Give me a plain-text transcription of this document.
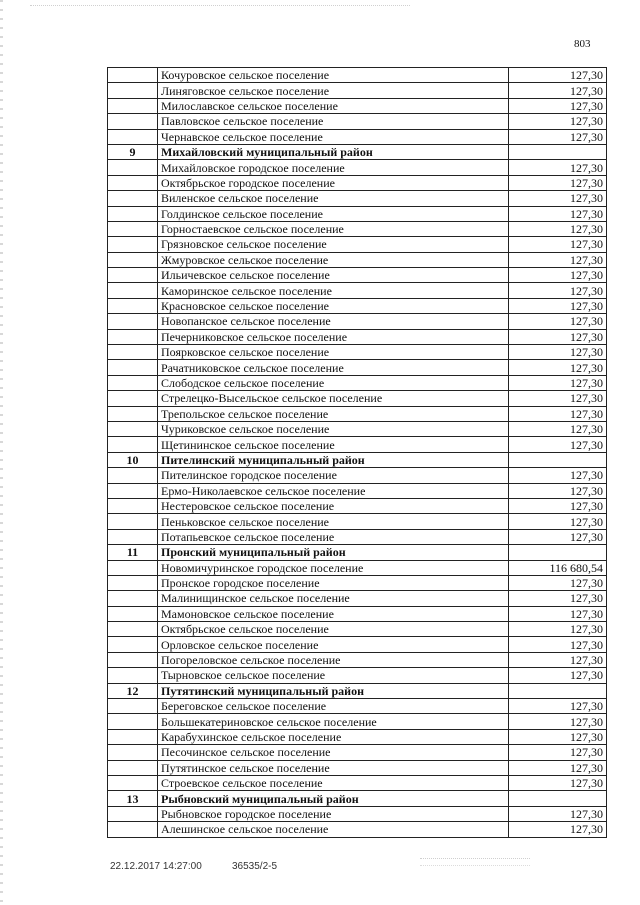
803
	Кочуровское сельское поселение	127,30
	Линяговское сельское поселение	127,30
	Милославское сельское поселение	127,30
	Павловское сельское поселение	127,30
	Чернавское сельское поселение	127,30
9	Михайловский муниципальный район	
	Михайловское городское поселение	127,30
	Октябрьское городское поселение	127,30
	Виленское сельское поселение	127,30
	Голдинское сельское поселение	127,30
	Горностаевское сельское поселение	127,30
	Грязновское сельское поселение	127,30
	Жмуровское сельское поселение	127,30
	Ильичевское сельское поселение	127,30
	Каморинское сельское поселение	127,30
	Красновское сельское поселение	127,30
	Новопанское сельское поселение	127,30
	Печерниковское сельское поселение	127,30
	Поярковское сельское поселение	127,30
	Рачатниковское сельское поселение	127,30
	Слободское сельское поселение	127,30
	Стрелецко-Высельское сельское поселение	127,30
	Трепольское сельское поселение	127,30
	Чуриковское сельское поселение	127,30
	Щетининское сельское поселение	127,30
10	Пителинский муниципальный район	
	Пителинское городское поселение	127,30
	Ермо-Николаевское сельское поселение	127,30
	Нестеровское сельское поселение	127,30
	Пеньковское сельское поселение	127,30
	Потапьевское сельское поселение	127,30
11	Пронский муниципальный район	
	Новомичуринское городское поселение	116 680,54
	Пронское городское поселение	127,30
	Малинищинское сельское поселение	127,30
	Мамоновское сельское поселение	127,30
	Октябрьское сельское поселение	127,30
	Орловское сельское поселение	127,30
	Погореловское сельское поселение	127,30
	Тырновское сельское поселение	127,30
12	Путятинский муниципальный район	
	Береговское сельское поселение	127,30
	Большекатериновское сельское поселение	127,30
	Карабухинское сельское поселение	127,30
	Песочинское сельское поселение	127,30
	Путятинское сельское поселение	127,30
	Строевское сельское поселение	127,30
13	Рыбновский муниципальный район	
	Рыбновское городское поселение	127,30
	Алешинское сельское поселение	127,30
22.12.2017 14:27:00	36535/2-5
